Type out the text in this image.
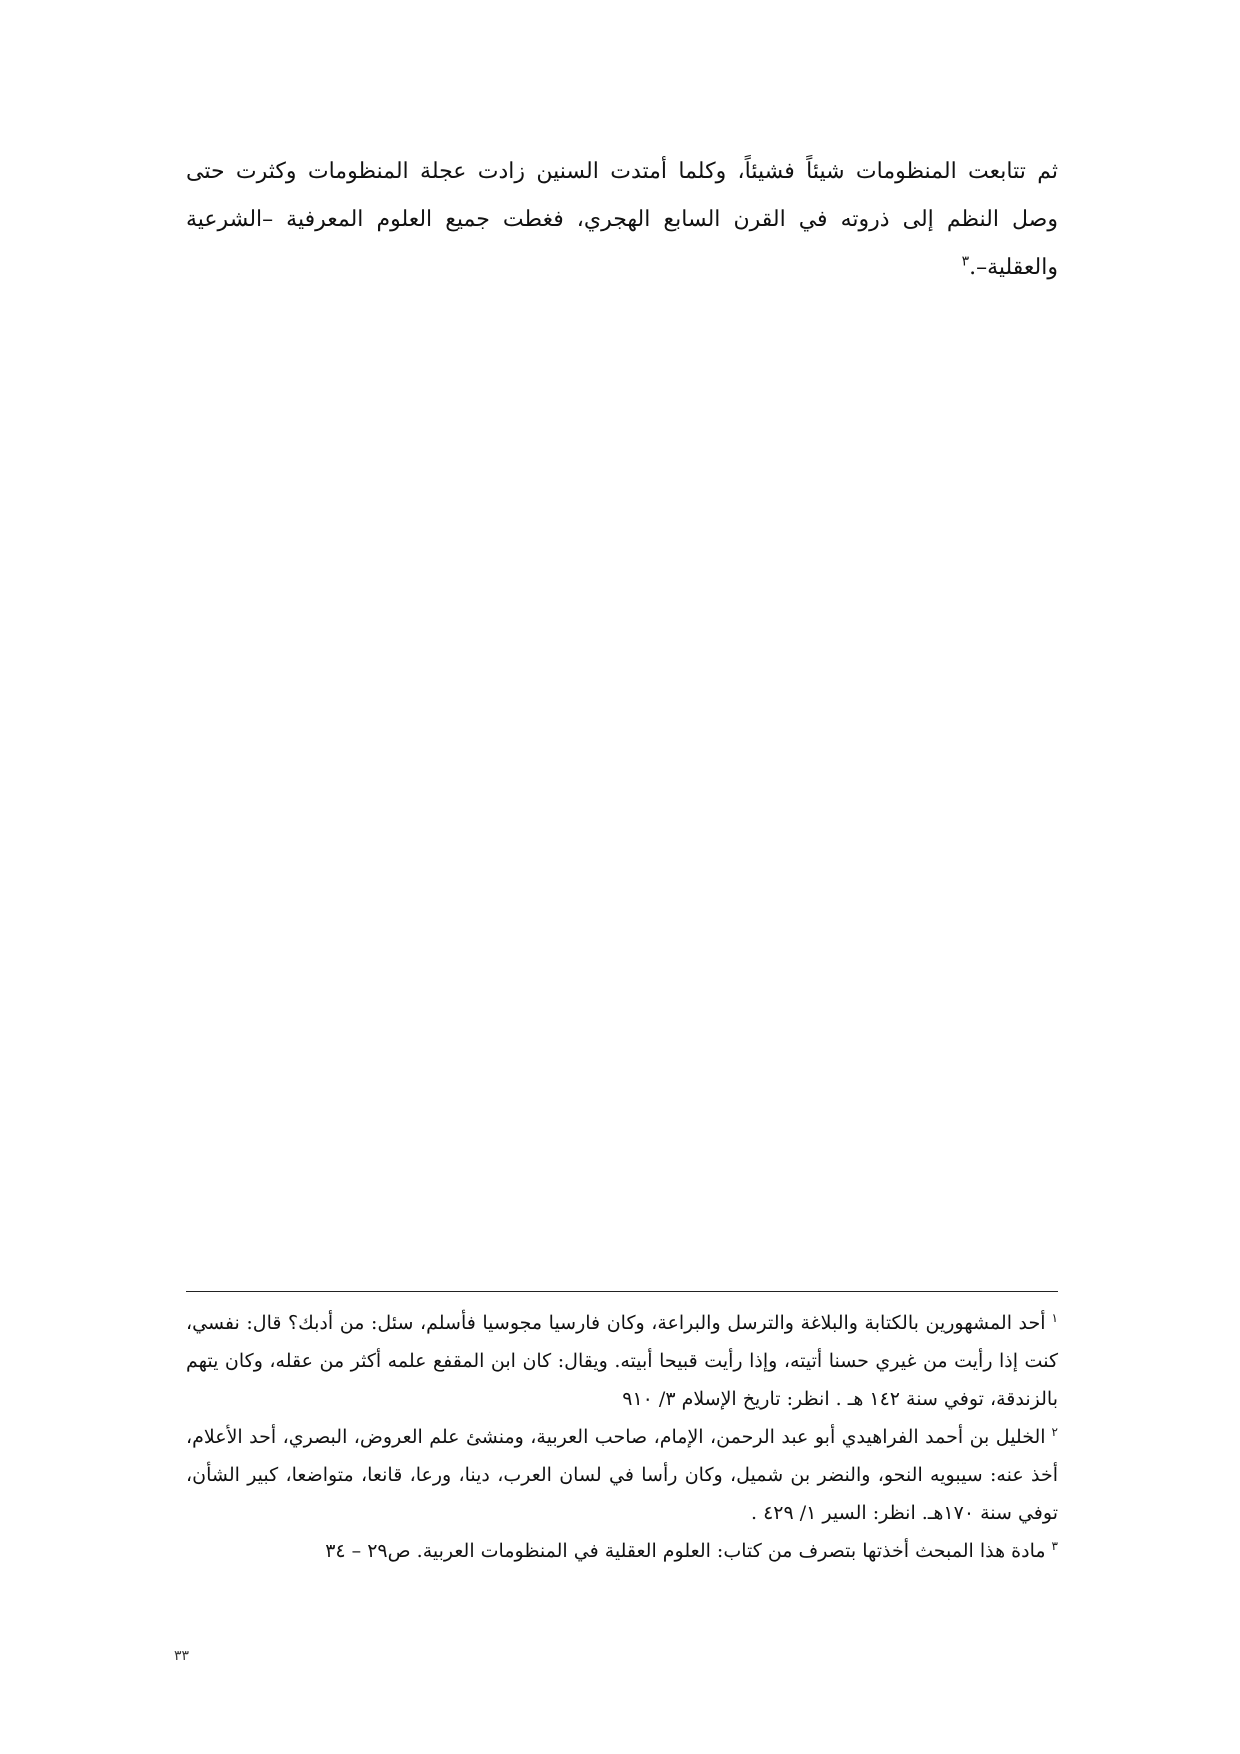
ثم تتابعت المنظومات شيئاً فشيئاً، وكلما أمتدت السنين زادت عجلة المنظومات وكثرت حتى وصل النظم إلى ذروته في القرن السابع الهجري، فغطت جميع العلوم المعرفية –الشرعية والعقلية–.$^٣$

$^١$أحد المشهورين بالكتابة والبلاغة والترسل والبراعة، وكان فارسيا مجوسيا فأسلم، سئل: من أدبك؟ قال: نفسي، كنت إذا رأيت من غيري حسنا أتيته، وإذا رأيت قبيحا أبيته. ويقال: كان ابن المقفع علمه أكثر من عقله، وكان يتهم بالزندقة، توفي سنة ١٤٢ هـ . انظر: تاريخ الإسلام ٣/ ٩١٠

$^٢$الخليل بن أحمد الفراهيدي أبو عبد الرحمن، الإمام، صاحب العربية، ومنشئ علم العروض، البصري، أحد الأعلام، أخذ عنه: سيبويه النحو، والنضر بن شميل، وكان رأسا في لسان العرب، دينا، ورعا، قانعا، متواضعا، كبير الشأن، توفي سنة ١٧٠هـ. انظر: السير ١/ ٤٢٩ .

$^٣$مادة هذا المبحث أخذتها بتصرف من كتاب: العلوم العقلية في المنظومات العربية. ص٢٩ – ٣٤

٣٣
